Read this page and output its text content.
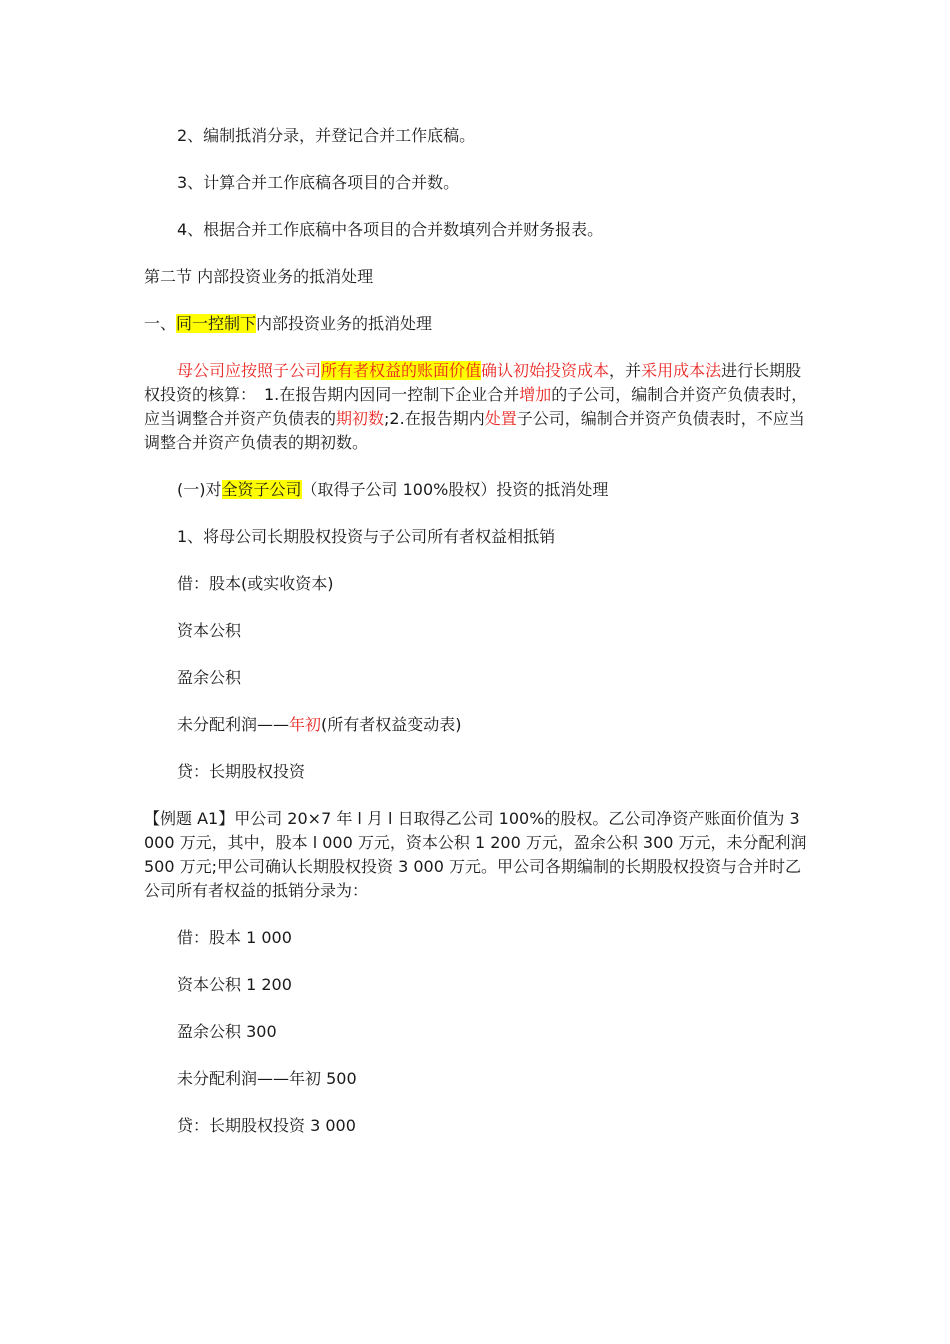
2、编制抵消分录，并登记合并工作底稿。

3、计算合并工作底稿各项目的合并数。

4、根据合并工作底稿中各项目的合并数填列合并财务报表。

第二节 内部投资业务的抵消处理

一、同一控制下内部投资业务的抵消处理

母公司应按照子公司所有者权益的账面价值确认初始投资成本，并采用成本法进行长期股权投资的核算：　1.在报告期内因同一控制下企业合并增加的子公司，编制合并资产负债表时，应当调整合并资产负债表的期初数;2.在报告期内处置子公司，编制合并资产负债表时，不应当调整合并资产负债表的期初数。

(一)对全资子公司（取得子公司 100%股权）投资的抵消处理

1、将母公司长期股权投资与子公司所有者权益相抵销

借：股本(或实收资本)

资本公积

盈余公积

未分配利润——年初(所有者权益变动表)

贷：长期股权投资

【例题 A1】甲公司 20×7 年 l 月 l 日取得乙公司 100%的股权。乙公司净资产账面价值为 3 000 万元，其中，股本 l 000 万元，资本公积 1 200 万元，盈余公积 300 万元，未分配利润 500 万元;甲公司确认长期股权投资 3 000 万元。甲公司各期编制的长期股权投资与合并时乙公司所有者权益的抵销分录为：

借：股本 1 000

资本公积 1 200

盈余公积 300

未分配利润——年初 500

贷：长期股权投资 3 000
